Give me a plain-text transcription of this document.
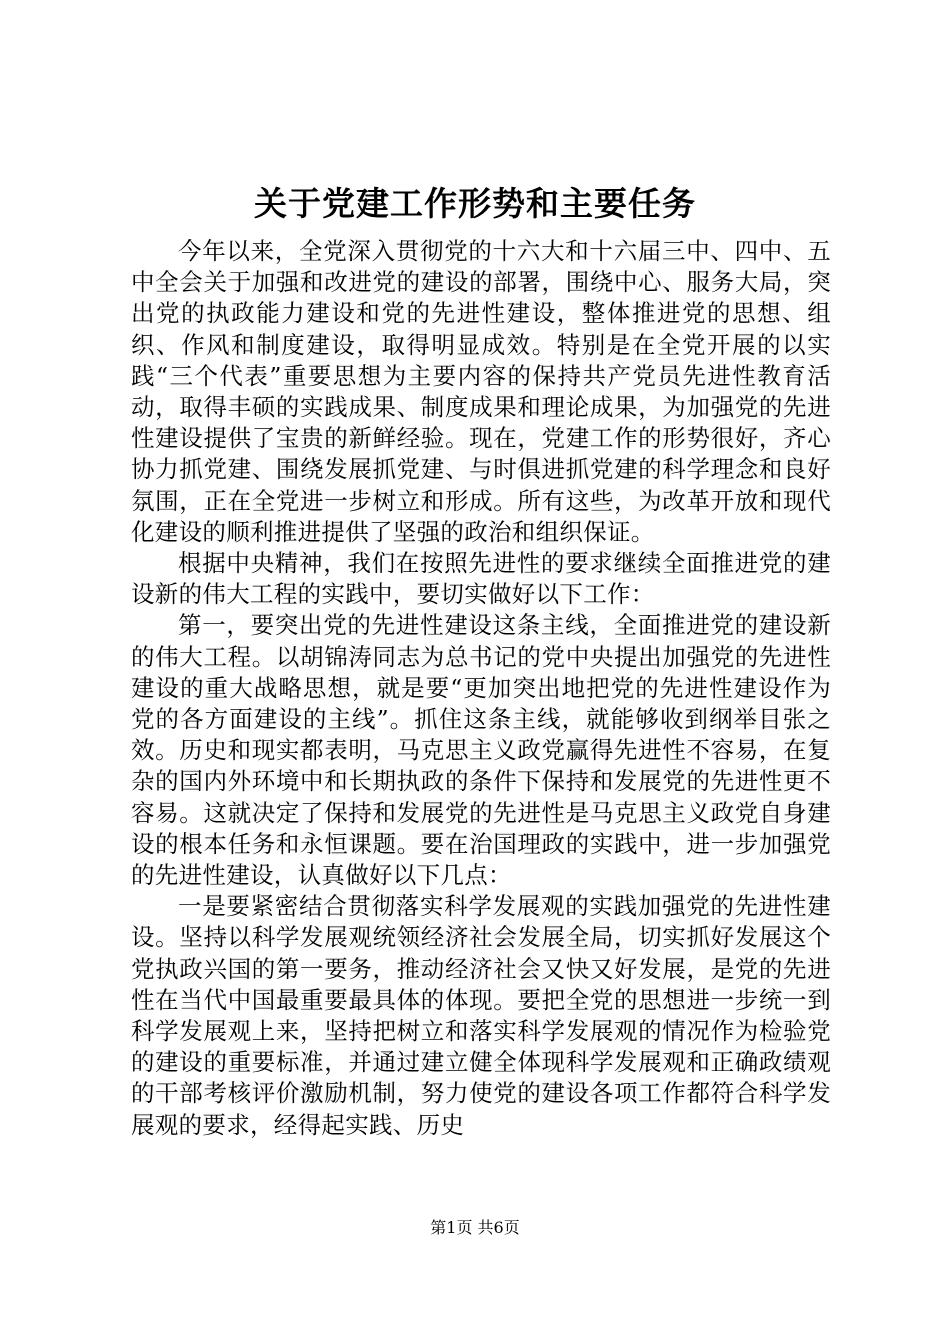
关于党建工作形势和主要任务

今年以来，全党深入贯彻党的十六大和十六届三中、四中、五中全会关于加强和改进党的建设的部署，围绕中心、服务大局，突出党的执政能力建设和党的先进性建设，整体推进党的思想、组织、作风和制度建设，取得明显成效。特别是在全党开展的以实践“三个代表”重要思想为主要内容的保持共产党员先进性教育活动，取得丰硕的实践成果、制度成果和理论成果，为加强党的先进性建设提供了宝贵的新鲜经验。现在，党建工作的形势很好，齐心协力抓党建、围绕发展抓党建、与时俱进抓党建的科学理念和良好氛围，正在全党进一步树立和形成。所有这些，为改革开放和现代化建设的顺利推进提供了坚强的政治和组织保证。

根据中央精神，我们在按照先进性的要求继续全面推进党的建设新的伟大工程的实践中，要切实做好以下工作：

第一，要突出党的先进性建设这条主线，全面推进党的建设新的伟大工程。以胡锦涛同志为总书记的党中央提出加强党的先进性建设的重大战略思想，就是要“更加突出地把党的先进性建设作为党的各方面建设的主线”。抓住这条主线，就能够收到纲举目张之效。历史和现实都表明，马克思主义政党赢得先进性不容易，在复杂的国内外环境中和长期执政的条件下保持和发展党的先进性更不容易。这就决定了保持和发展党的先进性是马克思主义政党自身建设的根本任务和永恒课题。要在治国理政的实践中，进一步加强党的先进性建设，认真做好以下几点：

一是要紧密结合贯彻落实科学发展观的实践加强党的先进性建设。坚持以科学发展观统领经济社会发展全局，切实抓好发展这个党执政兴国的第一要务，推动经济社会又快又好发展，是党的先进性在当代中国最重要最具体的体现。要把全党的思想进一步统一到科学发展观上来，坚持把树立和落实科学发展观的情况作为检验党的建设的重要标准，并通过建立健全体现科学发展观和正确政绩观的干部考核评价激励机制，努力使党的建设各项工作都符合科学发展观的要求，经得起实践、历史

第1页 共6页
